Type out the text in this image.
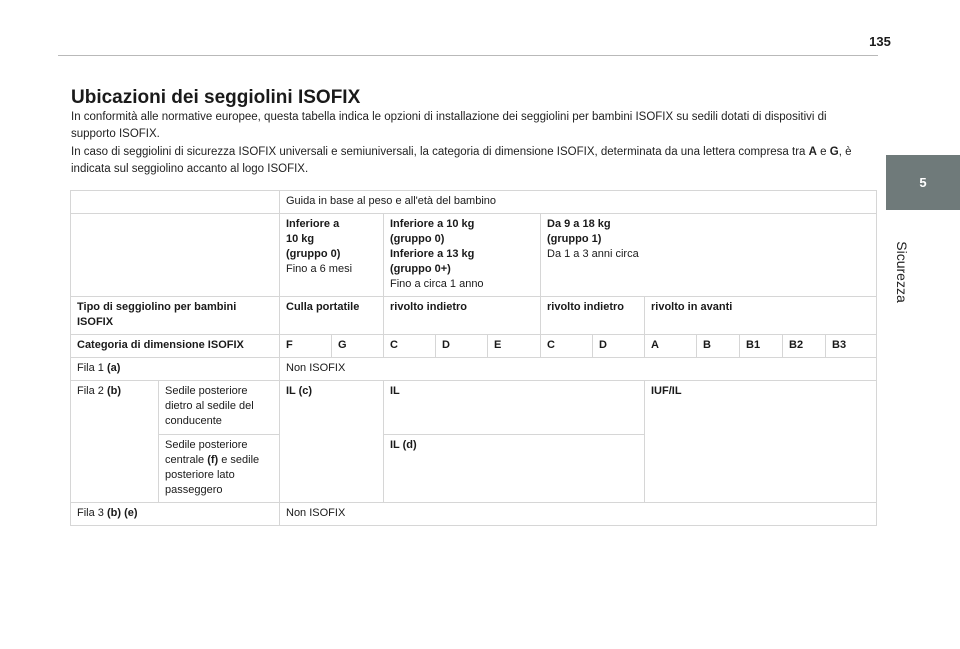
135
5
Sicurezza
Ubicazioni dei seggiolini ISOFIX

In conformità alle normative europee, questa tabella indica le opzioni di installazione dei seggiolini per bambini ISOFIX su sedili dotati di dispositivi di supporto ISOFIX.

In caso di seggiolini di sicurezza ISOFIX universali e semiuniversali, la categoria di dimensione ISOFIX, determinata da una lettera compresa tra A e G, è indicata sul seggiolino accanto al logo ISOFIX.

		Guida in base al peso e all'età del bambino											
		Inferiore a
10 kg
(gruppo 0)
Fino a 6 mesi		Inferiore a 10 kg
(gruppo 0)
Inferiore a 13 kg
(gruppo 0+)
Fino a circa 1 anno			Da 9 a 18 kg
(gruppo 1)
Da 1 a 3 anni circa						
Tipo di seggiolino per bambini ISOFIX		Culla portatile		rivolto indietro			rivolto indietro		rivolto in avanti				
Categoria di dimensione ISOFIX		F	G	C	D	E	C	D	A	B	B1	B2	B3
Fila 1 (a)		Non ISOFIX											
Fila 2 (b)	Sedile posteriore dietro al sedile del conducente	IL (c)		IL					IUF/IL				
	Sedile posteriore centrale (f) e sedile posteriore lato passeggero			IL (d)									
Fila 3 (b) (e)		Non ISOFIX											
